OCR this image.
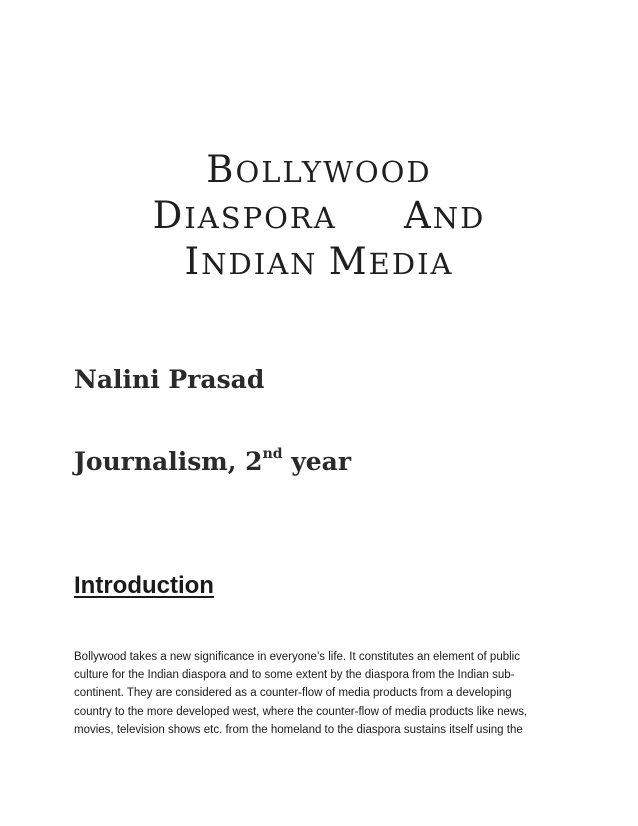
BOLLYWOOD
DIASPORA AND
INDIAN MEDIA
Nalini Prasad
Journalism, 2nd year
Introduction
Bollywood takes a new significance in everyone’s life. It constitutes an element of public
culture for the Indian diaspora and to some extent by the diaspora from the Indian sub-
continent. They are considered as a counter-flow of media products from a developing
country to the more developed west, where the counter-flow of media products like news,
movies, television shows etc. from the homeland to the diaspora sustains itself using the
